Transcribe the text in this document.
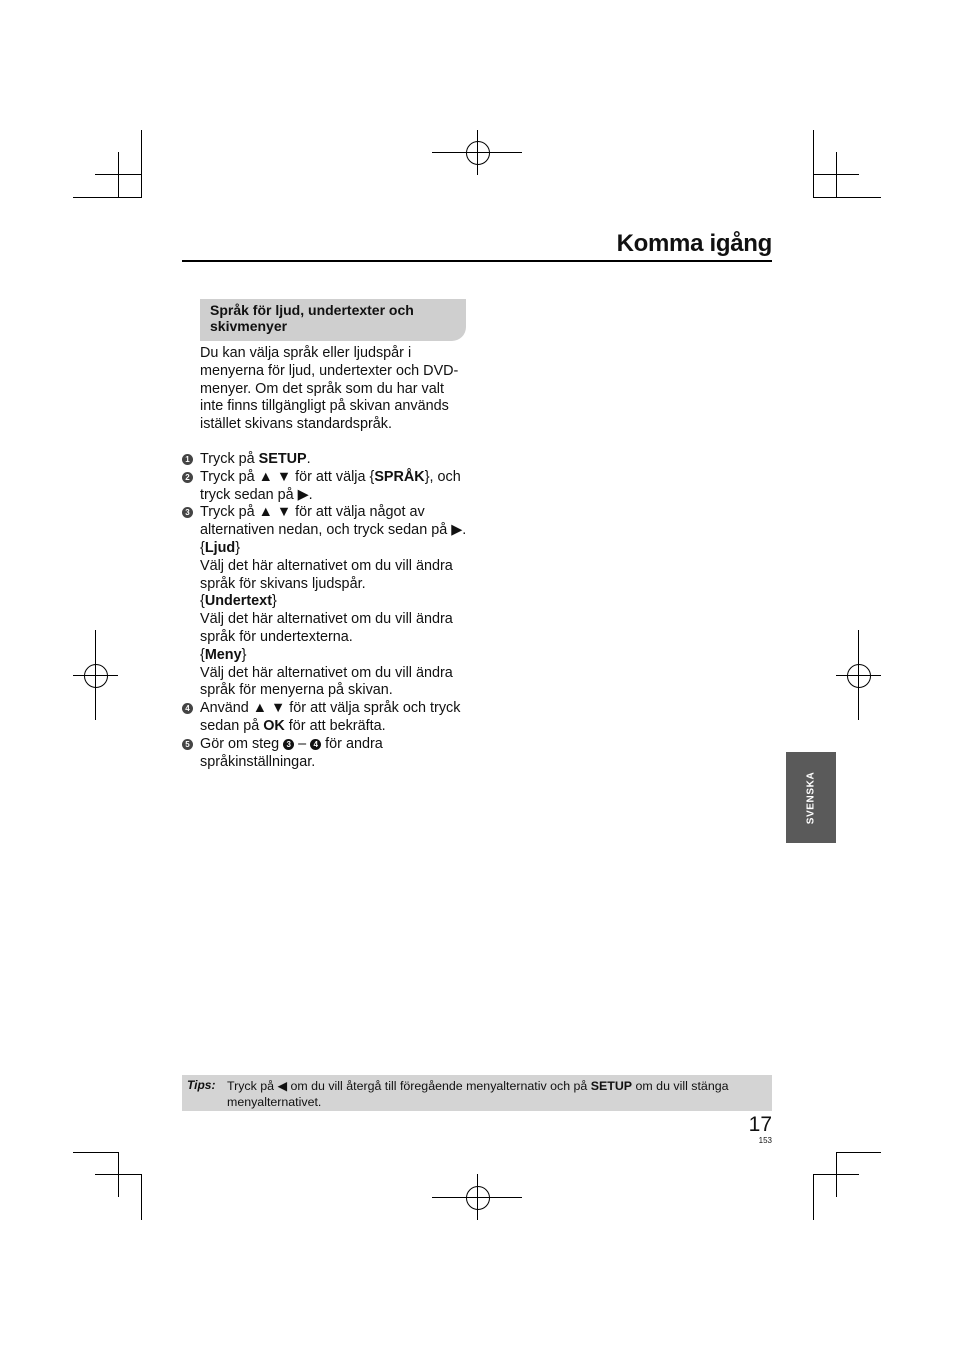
Komma igång
Språk för ljud, undertexter och skivmenyer
Du kan välja språk eller ljudspår i menyerna för ljud, undertexter och DVD-menyer. Om det språk som du har valt inte finns tillgängligt på skivan används istället skivans standardspråk.
1 Tryck på SETUP.
2 Tryck på ▲ ▼ för att välja {SPRÅK}, och tryck sedan på ▶.
3 Tryck på ▲ ▼ för att välja något av alternativen nedan, och tryck sedan på ▶.
{Ljud}
Välj det här alternativet om du vill ändra språk för skivans ljudspår.
{Undertext}
Välj det här alternativet om du vill ändra språk för undertexterna.
{Meny}
Välj det här alternativet om du vill ändra språk för menyerna på skivan.
4 Använd ▲ ▼ för att välja språk och tryck sedan på OK för att bekräfta.
5 Gör om steg 3 – 4 för andra språkinställningar.
SVENSKA
Tips: Tryck på ◀ om du vill återgå till föregående menyalternativ och på SETUP om du vill stänga menyalternativet.
17
153
